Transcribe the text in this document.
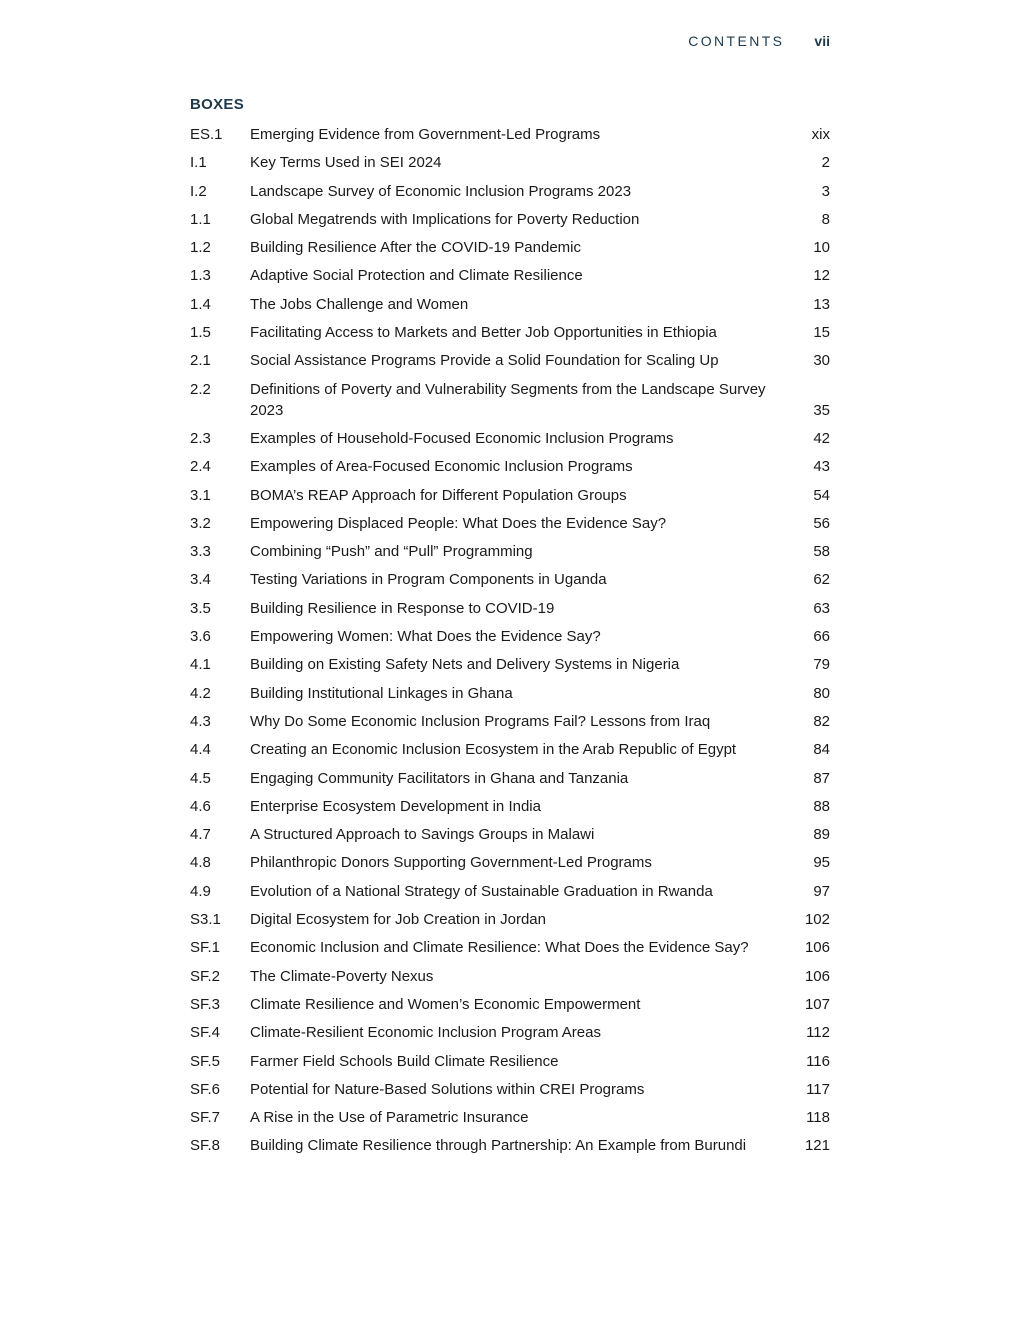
CONTENTS vii
BOXES
ES.1	Emerging Evidence from Government-Led Programs	xix
I.1	Key Terms Used in SEI 2024	2
I.2	Landscape Survey of Economic Inclusion Programs 2023	3
1.1	Global Megatrends with Implications for Poverty Reduction	8
1.2	Building Resilience After the COVID-19 Pandemic	10
1.3	Adaptive Social Protection and Climate Resilience	12
1.4	The Jobs Challenge and Women	13
1.5	Facilitating Access to Markets and Better Job Opportunities in Ethiopia	15
2.1	Social Assistance Programs Provide a Solid Foundation for Scaling Up	30
2.2	Definitions of Poverty and Vulnerability Segments from the Landscape Survey 2023	35
2.3	Examples of Household-Focused Economic Inclusion Programs	42
2.4	Examples of Area-Focused Economic Inclusion Programs	43
3.1	BOMA’s REAP Approach for Different Population Groups	54
3.2	Empowering Displaced People: What Does the Evidence Say?	56
3.3	Combining “Push” and “Pull” Programming	58
3.4	Testing Variations in Program Components in Uganda	62
3.5	Building Resilience in Response to COVID-19	63
3.6	Empowering Women: What Does the Evidence Say?	66
4.1	Building on Existing Safety Nets and Delivery Systems in Nigeria	79
4.2	Building Institutional Linkages in Ghana	80
4.3	Why Do Some Economic Inclusion Programs Fail? Lessons from Iraq	82
4.4	Creating an Economic Inclusion Ecosystem in the Arab Republic of Egypt	84
4.5	Engaging Community Facilitators in Ghana and Tanzania	87
4.6	Enterprise Ecosystem Development in India	88
4.7	A Structured Approach to Savings Groups in Malawi	89
4.8	Philanthropic Donors Supporting Government-Led Programs	95
4.9	Evolution of a National Strategy of Sustainable Graduation in Rwanda	97
S3.1	Digital Ecosystem for Job Creation in Jordan	102
SF.1	Economic Inclusion and Climate Resilience: What Does the Evidence Say?	106
SF.2	The Climate-Poverty Nexus	106
SF.3	Climate Resilience and Women’s Economic Empowerment	107
SF.4	Climate-Resilient Economic Inclusion Program Areas	112
SF.5	Farmer Field Schools Build Climate Resilience	116
SF.6	Potential for Nature-Based Solutions within CREI Programs	117
SF.7	A Rise in the Use of Parametric Insurance	118
SF.8	Building Climate Resilience through Partnership: An Example from Burundi	121
